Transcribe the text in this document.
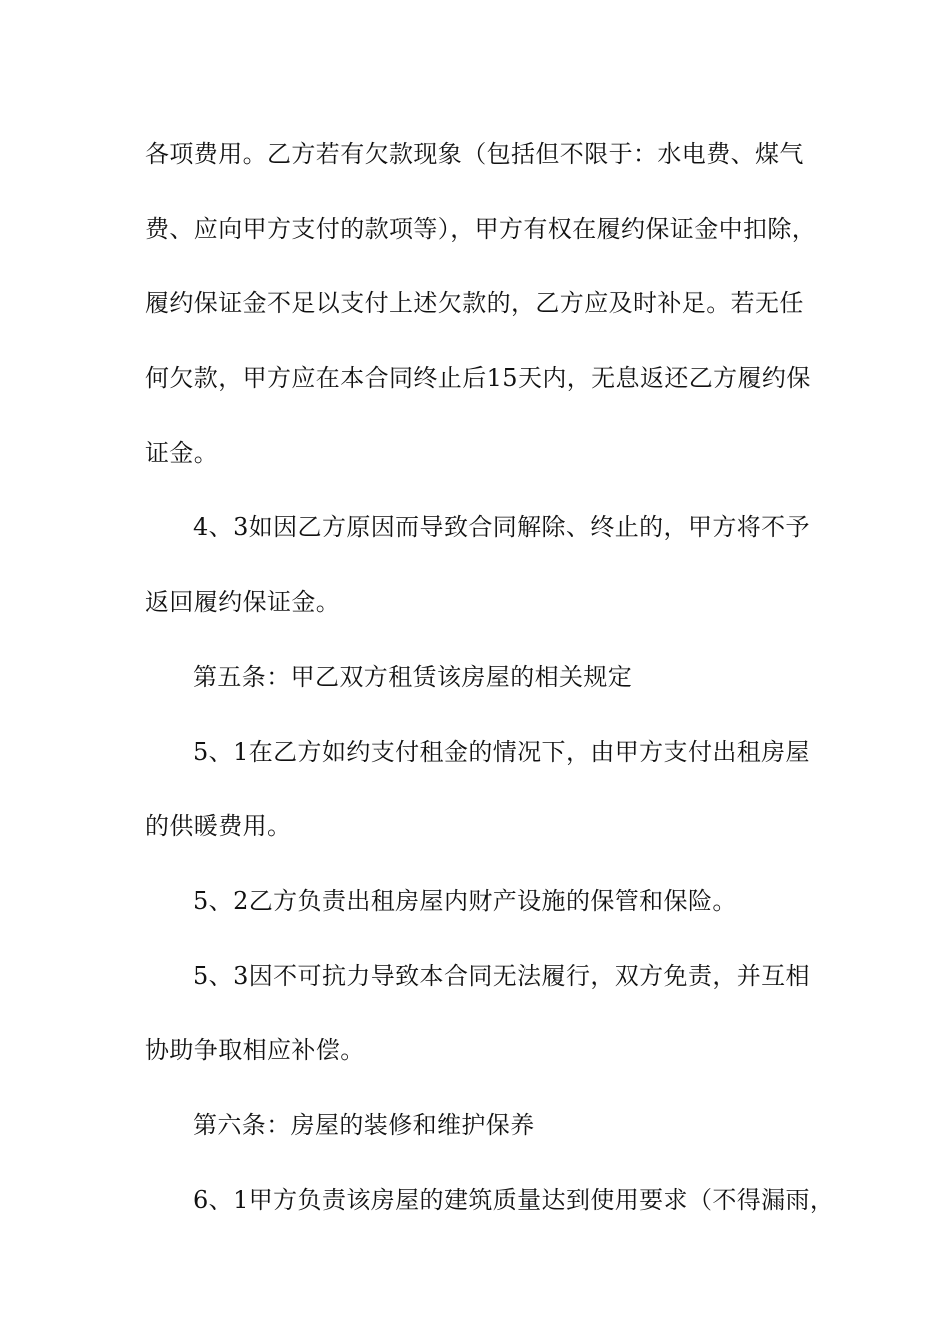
各项费用。乙方若有欠款现象（包括但不限于：水电费、煤气
费、应向甲方支付的款项等），甲方有权在履约保证金中扣除，
履约保证金不足以支付上述欠款的，乙方应及时补足。若无任
何欠款，甲方应在本合同终止后15天内，无息返还乙方履约保
证金。
4、3如因乙方原因而导致合同解除、终止的，甲方将不予
返回履约保证金。
第五条：甲乙双方租赁该房屋的相关规定
5、1在乙方如约支付租金的情况下，由甲方支付出租房屋
的供暖费用。
5、2乙方负责出租房屋内财产设施的保管和保险。
5、3因不可抗力导致本合同无法履行，双方免责，并互相
协助争取相应补偿。
第六条：房屋的装修和维护保养
6、1甲方负责该房屋的建筑质量达到使用要求（不得漏雨，
